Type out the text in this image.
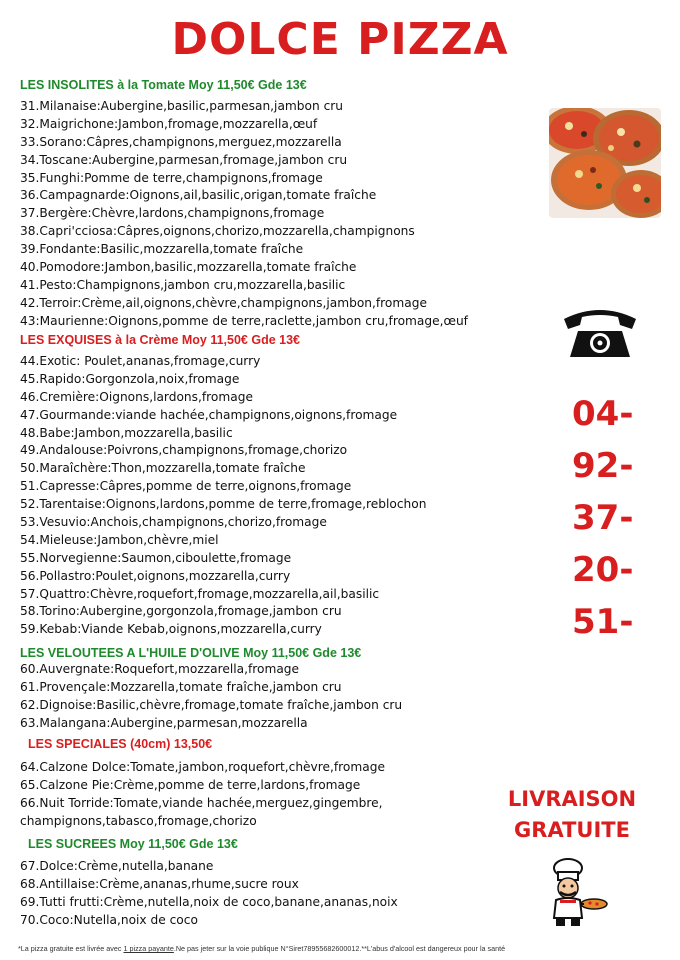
DOLCE PIZZA

LES INSOLITES à la Tomate Moy 11,50€ Gde 13€

31.Milanaise:Aubergine,basilic,parmesan,jambon cru
32.Maigrichone:Jambon,fromage,mozzarella,œuf
33.Sorano:Câpres,champignons,merguez,mozzarella
34.Toscane:Aubergine,parmesan,fromage,jambon cru
35.Funghi:Pomme de terre,champignons,fromage
36.Campagnarde:Oignons,ail,basilic,origan,tomate fraîche
37.Bergère:Chèvre,lardons,champignons,fromage
38.Capri'cciosa:Câpres,oignons,chorizo,mozzarella,champignons
39.Fondante:Basilic,mozzarella,tomate fraîche
40.Pomodore:Jambon,basilic,mozzarella,tomate fraîche
41.Pesto:Champignons,jambon cru,mozzarella,basilic
42.Terroir:Crème,ail,oignons,chèvre,champignons,jambon,fromage
43:Maurienne:Oignons,pomme de terre,raclette,jambon cru,fromage,œuf

LES EXQUISES à la Crème Moy 11,50€ Gde 13€

44.Exotic: Poulet,ananas,fromage,curry
45.Rapido:Gorgonzola,noix,fromage
46.Cremière:Oignons,lardons,fromage
47.Gourmande:viande hachée,champignons,oignons,fromage
48.Babe:Jambon,mozzarella,basilic
49.Andalouse:Poivrons,champignons,fromage,chorizo
50.Maraîchère:Thon,mozzarella,tomate fraîche
51.Capresse:Câpres,pomme de terre,oignons,fromage
52.Tarentaise:Oignons,lardons,pomme de terre,fromage,reblochon
53.Vesuvio:Anchois,champignons,chorizo,fromage
54.Mieleuse:Jambon,chèvre,miel
55.Norvegienne:Saumon,ciboulette,fromage
56.Pollastro:Poulet,oignons,mozzarella,curry
57.Quattro:Chèvre,roquefort,fromage,mozzarella,ail,basilic
58.Torino:Aubergine,gorgonzola,fromage,jambon cru
59.Kebab:Viande Kebab,oignons,mozzarella,curry

LES VELOUTEES A L'HUILE D'OLIVE Moy 11,50€ Gde 13€

60.Auvergnate:Roquefort,mozzarella,fromage
61.Provençale:Mozzarella,tomate fraîche,jambon cru
62.Dignoise:Basilic,chèvre,fromage,tomate fraîche,jambon cru
63.Malangana:Aubergine,parmesan,mozzarella

LES SPECIALES (40cm) 13,50€

64.Calzone Dolce:Tomate,jambon,roquefort,chèvre,fromage
65.Calzone Pie:Crème,pomme de terre,lardons,fromage
66.Nuit Torride:Tomate,viande hachée,merguez,gingembre, champignons,tabasco,fromage,chorizo

LES SUCREES Moy 11,50€ Gde 13€

67.Dolce:Crème,nutella,banane
68.Antillaise:Crème,ananas,rhume,sucre roux
69.Tutti frutti:Crème,nutella,noix de coco,banane,ananas,noix
70.Coco:Nutella,noix de coco
04-
92-
37-
20-
51-
LIVRAISON
GRATUITE
*La pizza gratuite est livrée avec 1 pizza payante.Ne pas jeter sur la voie publique N°Siret78955682600012.**L'abus d'alcool est dangereux pour la santé
